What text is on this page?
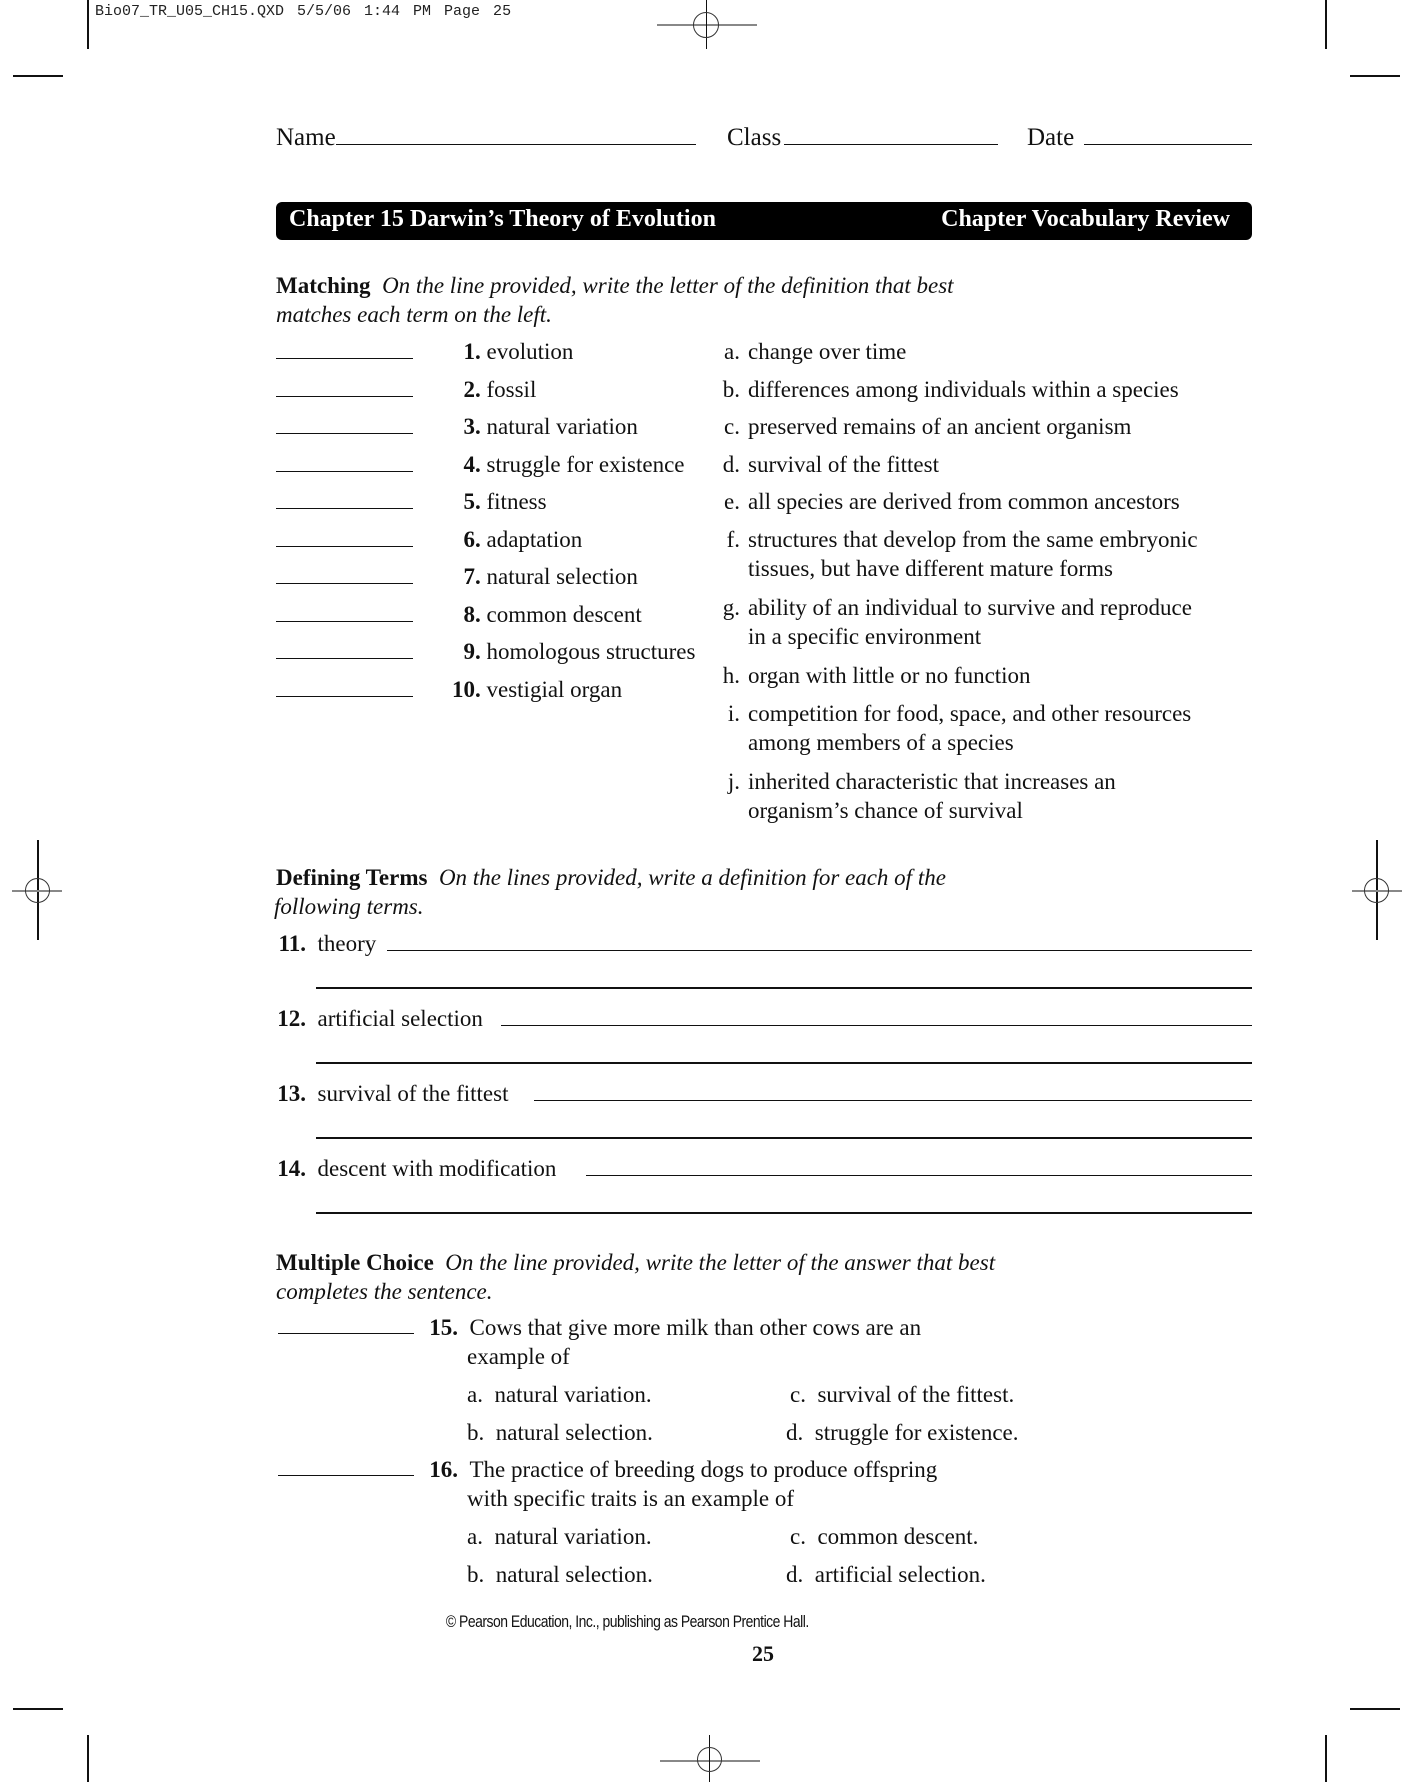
Bio07_TR_U05_CH15.QXD 5/5/06 1:44 PM Page 25
Name	Class	Date
Chapter 15 Darwin’s Theory of Evolution	Chapter Vocabulary Review
Matching On the line provided, write the letter of the definition that best
matches each term on the left.
1. evolution
2. fossil
3. natural variation
4. struggle for existence
5. fitness
6. adaptation
7. natural selection
8. common descent
9. homologous structures
10. vestigial organ
a. change over time
b. differences among individuals within a species
c. preserved remains of an ancient organism
d. survival of the fittest
e. all species are derived from common ancestors
f. structures that develop from the same embryonic
tissues, but have different mature forms
g. ability of an individual to survive and reproduce
in a specific environment
h. organ with little or no function
i. competition for food, space, and other resources
among members of a species
j. inherited characteristic that increases an
organism’s chance of survival
Defining Terms On the lines provided, write a definition for each of the
following terms.
11. theory
12. artificial selection
13. survival of the fittest
14. descent with modification
Multiple Choice On the line provided, write the letter of the answer that best
completes the sentence.
15. Cows that give more milk than other cows are an
example of
a. natural variation.
b. natural selection.
c. survival of the fittest.
d. struggle for existence.
16. The practice of breeding dogs to produce offspring
with specific traits is an example of
a. natural variation.
b. natural selection.
c. common descent.
d. artificial selection.
© Pearson Education, Inc., publishing as Pearson Prentice Hall.
25
